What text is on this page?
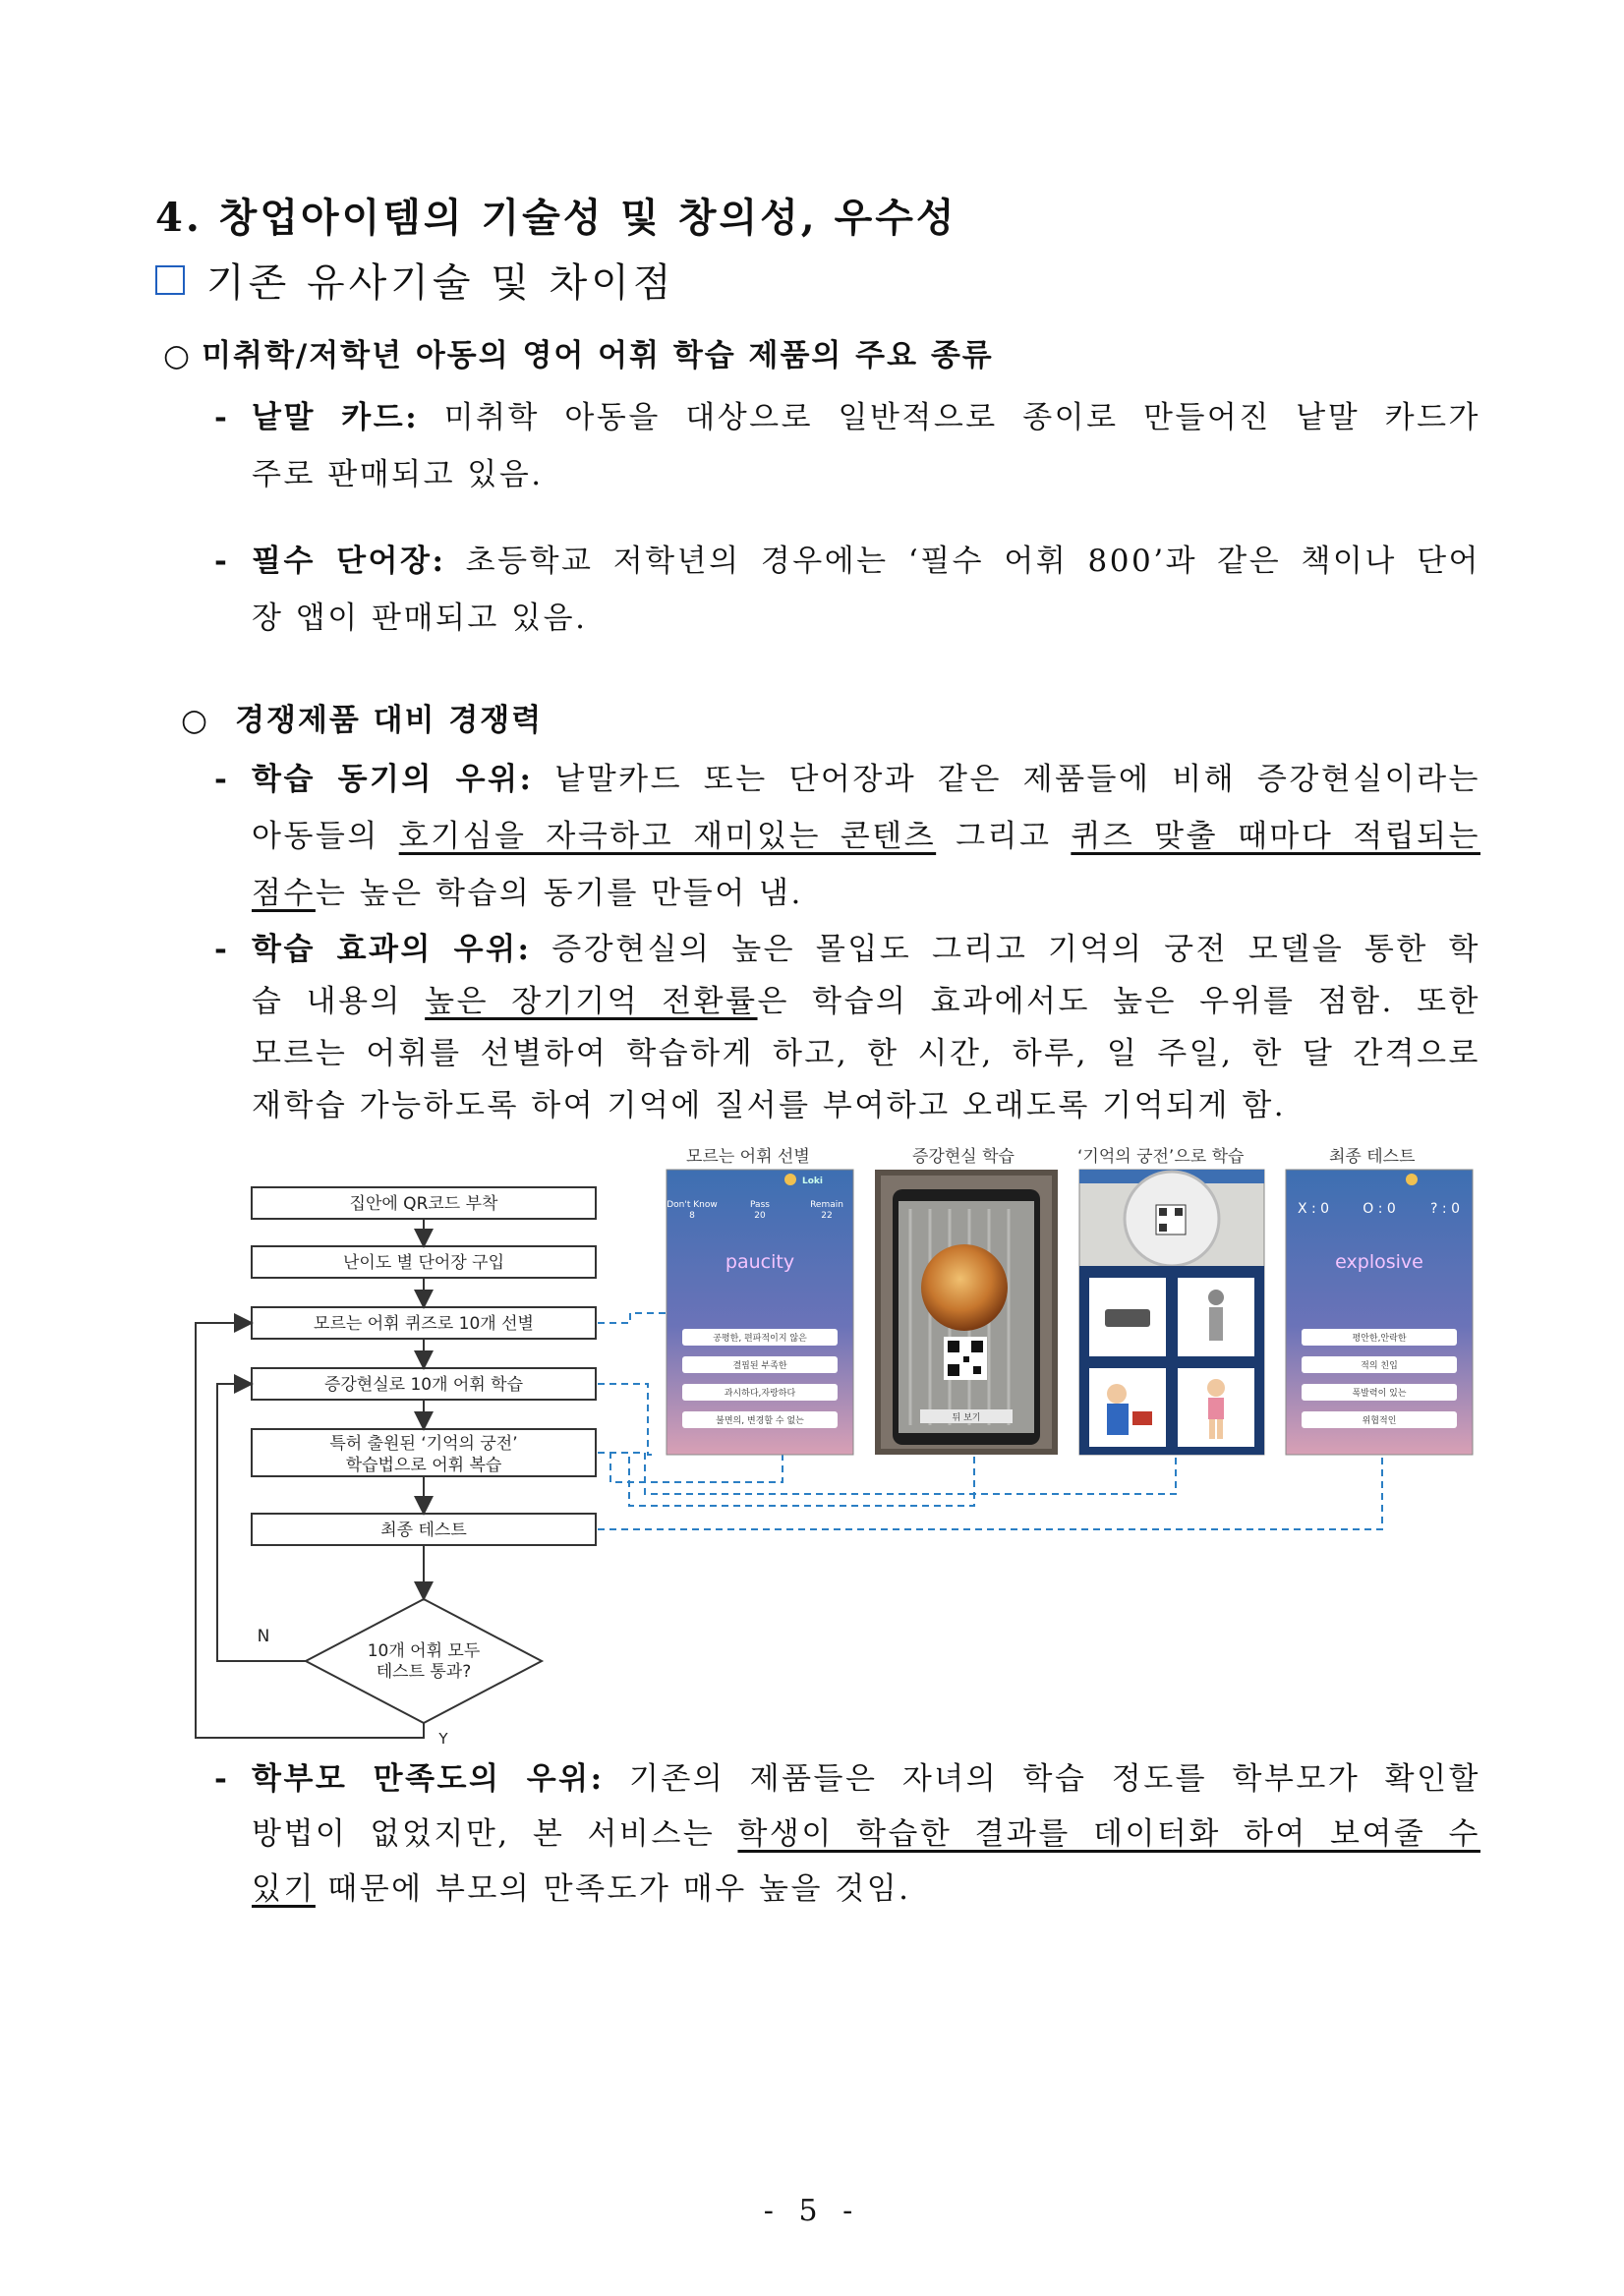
4. 창업아이템의 기술성 및 창의성, 우수성
기존 유사기술 및 차이점
○ 미취학/저학년 아동의 영어 어휘 학습 제품의 주요 종류
- 낱말 카드: 미취학 아동을 대상으로 일반적으로 종이로 만들어진 낱말 카드가
주로 판매되고 있음.
- 필수 단어장: 초등학교 저학년의 경우에는 ‘필수 어휘 800’과 같은 책이나 단어
장 앱이 판매되고 있음.
○ 경쟁제품 대비 경쟁력
- 학습 동기의 우위: 낱말카드 또는 단어장과 같은 제품들에 비해 증강현실이라는
아동들의 호기심을 자극하고 재미있는 콘텐츠 그리고 퀴즈 맞출 때마다 적립되는
점수는 높은 학습의 동기를 만들어 냄.
- 학습 효과의 우위: 증강현실의 높은 몰입도 그리고 기억의 궁전 모델을 통한 학
습 내용의 높은 장기기억 전환률은 학습의 효과에서도 높은 우위를 점함. 또한
모르는 어휘를 선별하여 학습하게 하고, 한 시간, 하루, 일 주일, 한 달 간격으로
재학습 가능하도록 하여 기억에 질서를 부여하고 오래도록 기억되게 함.
모르는 어휘 선별	증강현실 학습	‘기억의 궁전’으로 학습	최종 테스트
집안에 QR코드 부착
난이도 별 단어장 구입
모르는 어휘 퀴즈로 10개 선별
증강현실로 10개 어휘 학습
특허 출원된 ‘기억의 궁전’
학습법으로 어휘 복습
최종 테스트
10개 어휘 모두
테스트 통과?
N
Y
Loki
Don't Know	Pass	Remain
8	20	22
paucity
공평한, 편파적이지 않은
결핍된 부족한
과시하다,자랑하다
불면의, 변경할 수 없는	뒤 보기
X : 0 O : 0	? : 0
explosive
평안한,안락한
적의 친입
폭발력이 있는
위협적인
- 학부모 만족도의 우위: 기존의 제품들은 자녀의 학습 정도를 학부모가 확인할
방법이 없었지만, 본 서비스는 학생이 학습한 결과를 데이터화 하여 보여줄 수
있기 때문에 부모의 만족도가 매우 높을 것임.
- 5 -
